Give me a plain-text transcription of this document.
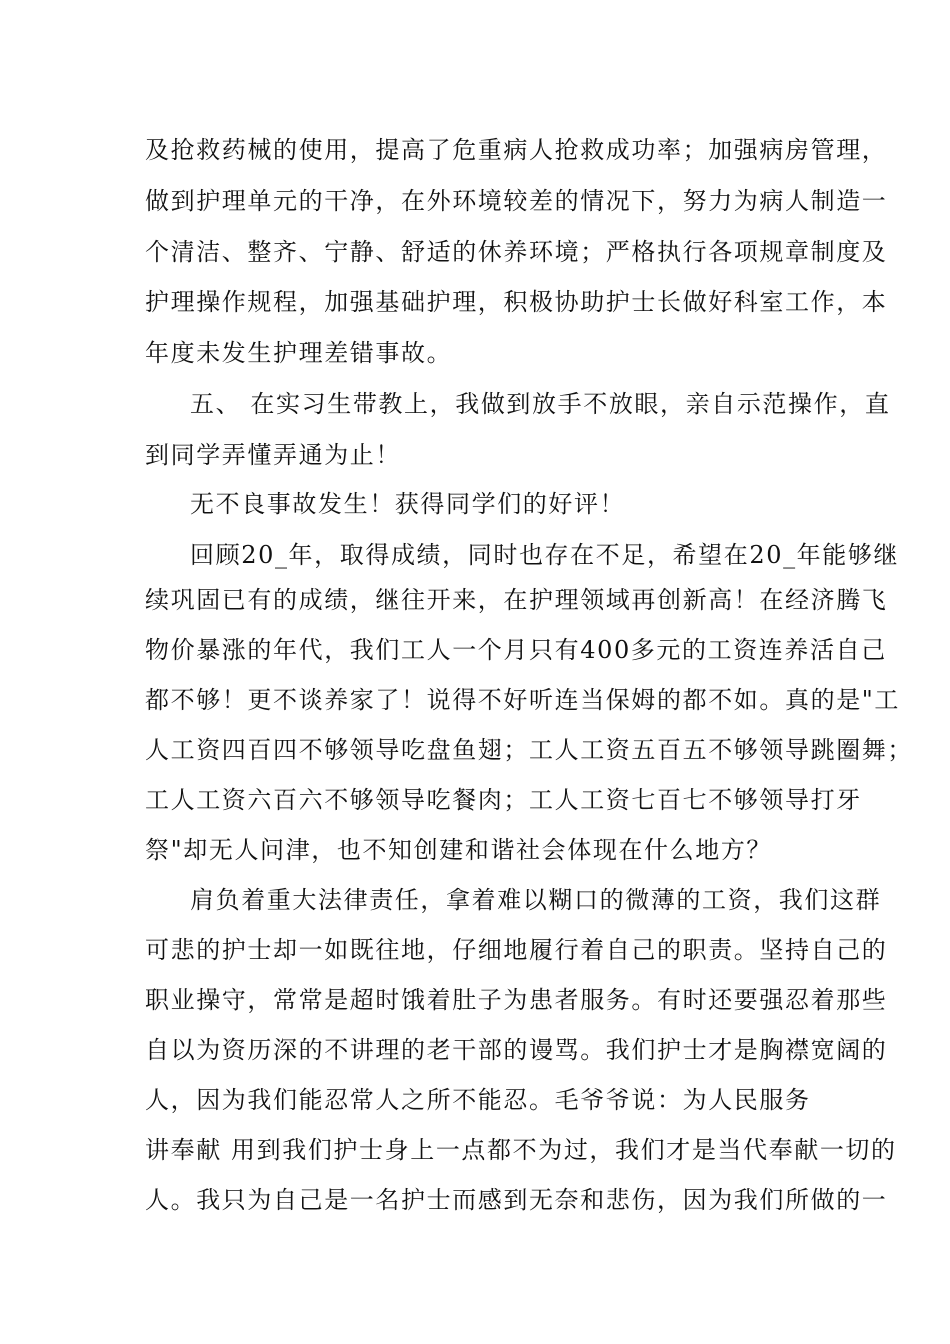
及抢救药械的使用，提高了危重病人抢救成功率；加强病房管理，
做到护理单元的干净，在外环境较差的情况下，努力为病人制造一
个清洁、整齐、宁静、舒适的休养环境；严格执行各项规章制度及
护理操作规程，加强基础护理，积极协助护士长做好科室工作，本
年度未发生护理差错事故。
五、 在实习生带教上，我做到放手不放眼，亲自示范操作，直
到同学弄懂弄通为止！
无不良事故发生！获得同学们的好评！
回顾20_年，取得成绩，同时也存在不足，希望在20_年能够继
续巩固已有的成绩，继往开来，在护理领域再创新高！在经济腾飞
物价暴涨的年代，我们工人一个月只有400多元的工资连养活自己
都不够！更不谈养家了！说得不好听连当保姆的都不如。真的是"工
人工资四百四不够领导吃盘鱼翅；工人工资五百五不够领导跳圈舞；
工人工资六百六不够领导吃餐肉；工人工资七百七不够领导打牙
祭"却无人问津，也不知创建和谐社会体现在什么地方？
肩负着重大法律责任，拿着难以糊口的微薄的工资，我们这群
可悲的护士却一如既往地，仔细地履行着自己的职责。坚持自己的
职业操守，常常是超时饿着肚子为患者服务。有时还要强忍着那些
自以为资历深的不讲理的老干部的谩骂。我们护士才是胸襟宽阔的
人，因为我们能忍常人之所不能忍。毛爷爷说：为人民服务
讲奉献 用到我们护士身上一点都不为过，我们才是当代奉献一切的
人。我只为自己是一名护士而感到无奈和悲伤，因为我们所做的一
